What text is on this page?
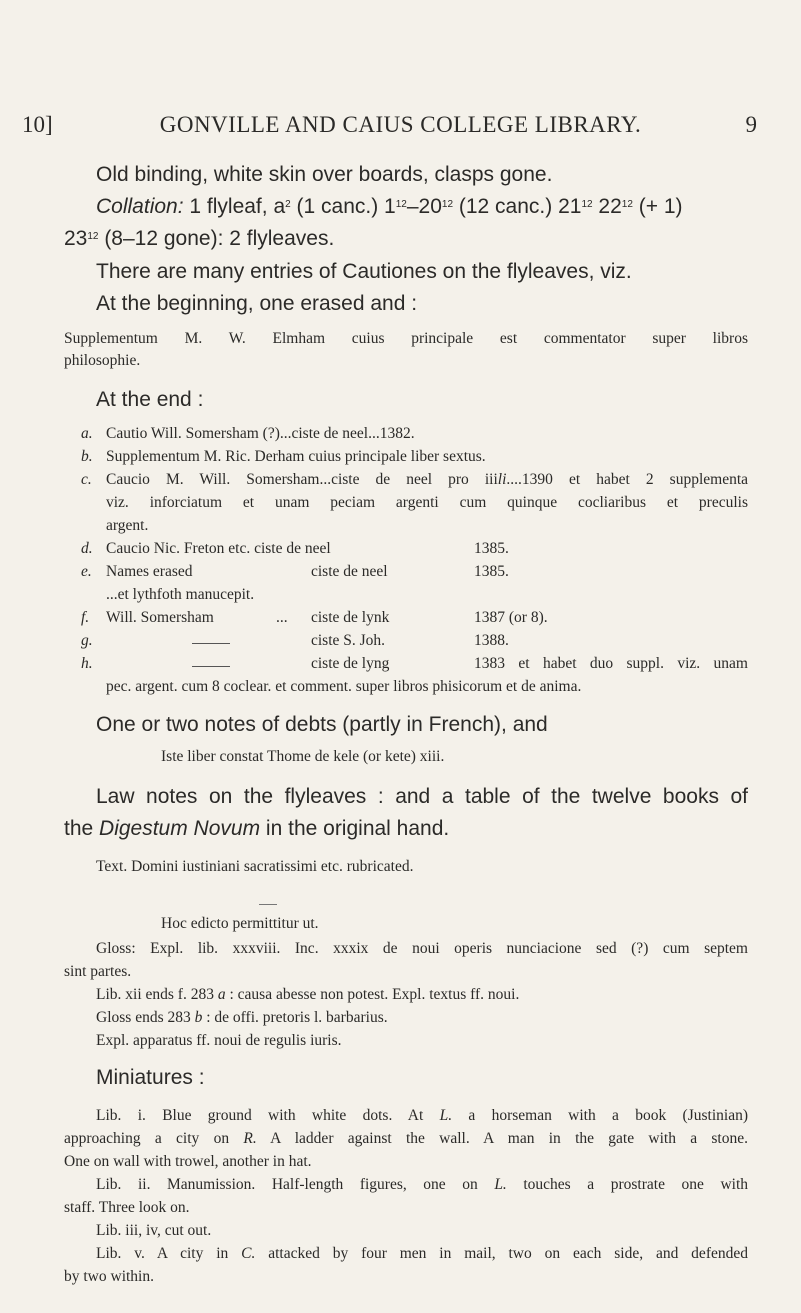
10]	GONVILLE AND CAIUS COLLEGE LIBRARY.	9
Old binding, white skin over boards, clasps gone.
Collation: 1 flyleaf, $a^2$ (1 canc.) $1^{12}-20^{12}$ (12 canc.) $21^{12}$ $22^{12}$ (+ 1)
$23^{12}$ (8–12 gone): 2 flyleaves.
There are many entries of Cautiones on the flyleaves, viz.
At the beginning, one erased and :
Supplementum M. W. Elmham cuius principale est commentator super libros
philosophie.
At the end :
a. Cautio Will. Somersham (?)...ciste de neel...1382.
b. Supplementum M. Ric. Derham cuius principale liber sextus.
c. Caucio M. Will. Somersham...ciste de neel pro iiili....1390 et habet 2 supplementa
viz. inforciatum et unam peciam argenti cum quinque cocliaribus et preculis
argent.
d. Caucio Nic. Freton etc. ciste de neel	1385.
e. Names erased	ciste de neel	1385.
...et lythfoth manucepit.
f. Will. Somersham	... ciste de lynk	1387 (or 8).
g.	ciste S. Joh.	1388.
h.	ciste de lyng	1383 et habet duo suppl. viz. unam
pec. argent. cum 8 coclear. et comment. super libros phisicorum et de anima.
One or two notes of debts (partly in French), and
Iste liber constat Thome de kele (or kete) xiii.
Law notes on the flyleaves : and a table of the twelve books of
the Digestum Novum in the original hand.
Text. Domini iustiniani sacratissimi etc. rubricated.
Hoc edicto permittitur ut.
Gloss: Expl. lib. xxxviii. Inc. xxxix de noui operis nunciacione sed (?) cum septem
sint partes.
Lib. xii ends f. 283 a : causa abesse non potest. Expl. textus ff. noui.
Gloss ends 283 b : de offi. pretoris l. barbarius.
Expl. apparatus ff. noui de regulis iuris.
Miniatures :
Lib. i. Blue ground with white dots. At L. a horseman with a book (Justinian)
approaching a city on R. A ladder against the wall. A man in the gate with a stone.
One on wall with trowel, another in hat.
Lib. ii. Manumission. Half-length figures, one on L. touches a prostrate one with
staff. Three look on.
Lib. iii, iv, cut out.
Lib. v. A city in C. attacked by four men in mail, two on each side, and defended
by two within.
